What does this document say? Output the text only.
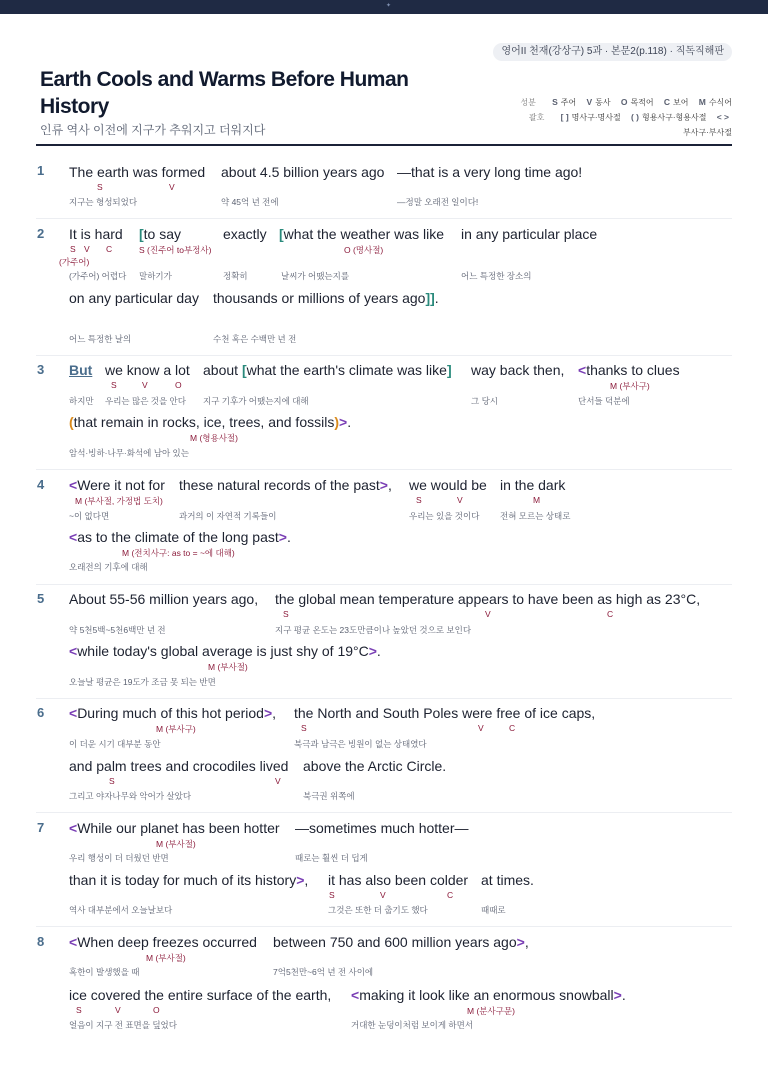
✦
영어II 천재(강상구) 5과 · 본문2(p.118) · 직독직해판
Earth Cools and Warms Before Human History
인류 역사 이전에 지구가 추워지고 더워지다
성분 S 주어 V 동사 O 목적어 C 보어 M 수식어
괄호 [ ] 명사구·명사절 ( ) 형용사구·형용사절 < >
부사구·부사절
1 The earth was formed about 4.5 billion years ago —that is a very long time ago!
S	V
지구는 형성되었다	약 45억 년 전에	—정말 오래전 일이다!
2 It is hard [to say	exactly [what the weather was like in any particular place
S V C	S (진주어 to부정사)	O (명사절)
(가주어)
(가주어) 어렵다 말하기가	정확히	날씨가 어땠는지를	어느 특정한 장소의
on any particular day thousands or millions of years ago]].
어느 특정한 날의	수천 혹은 수백만 년 전
3 But we know a lot about [what the earth's climate was like] way back then, <thanks to clues
S	V	O	M (부사구)
하지만 우리는 많은 것을 안다 지구 기후가 어땠는지에 대해	그 당시	단서들 덕분에
(that remain in rocks, ice, trees, and fossils)>.
M (형용사절)
암석·빙하·나무·화석에 남아 있는
4 <Were it not for these natural records of the past>, we would be in the dark
M (부사절, 가정법 도치)	S	V	M
~이 없다면	과거의 이 자연적 기록들이	우리는 있을 것이다 전혀 모르는 상태로
<as to the climate of the long past>.
M (전치사구: as to = ~에 대해)
오래전의 기후에 대해
5 About 55-56 million years ago, the global mean temperature appears to have been as high as 23°C,
S	V	C
약 5천5백~5천6백만 년 전	지구 평균 온도는 23도만큼이나 높았던 것으로 보인다
<while today's global average is just shy of 19°C>.
M (부사절)
오늘날 평균은 19도가 조금 못 되는 반면
6 <During much of this hot period>, the North and South Poles were free of ice caps,
M (부사구)	S	V	C
이 더운 시기 대부분 동안	북극과 남극은 빙원이 없는 상태였다
and palm trees and crocodiles lived above the Arctic Circle.
S	V
그리고 야자나무와 악어가 살았다	북극권 위쪽에
7 <While our planet has been hotter —sometimes much hotter—
M (부사절)
우리 행성이 더 더웠던 반면	때로는 훨씬 더 덥게
than it is today for much of its history>, it has also been colder at times.
S	V	C
역사 대부분에서 오늘날보다	그것은 또한 더 춥기도 했다	때때로
8 <When deep freezes occurred between 750 and 600 million years ago>,
M (부사절)
혹한이 발생했을 때	7억5천만~6억 년 전 사이에
ice covered the entire surface of the earth, <making it look like an enormous snowball>.
S	V	O	M (분사구문)
얼음이 지구 전 표면을 덮었다	거대한 눈덩이처럼 보이게 하면서
